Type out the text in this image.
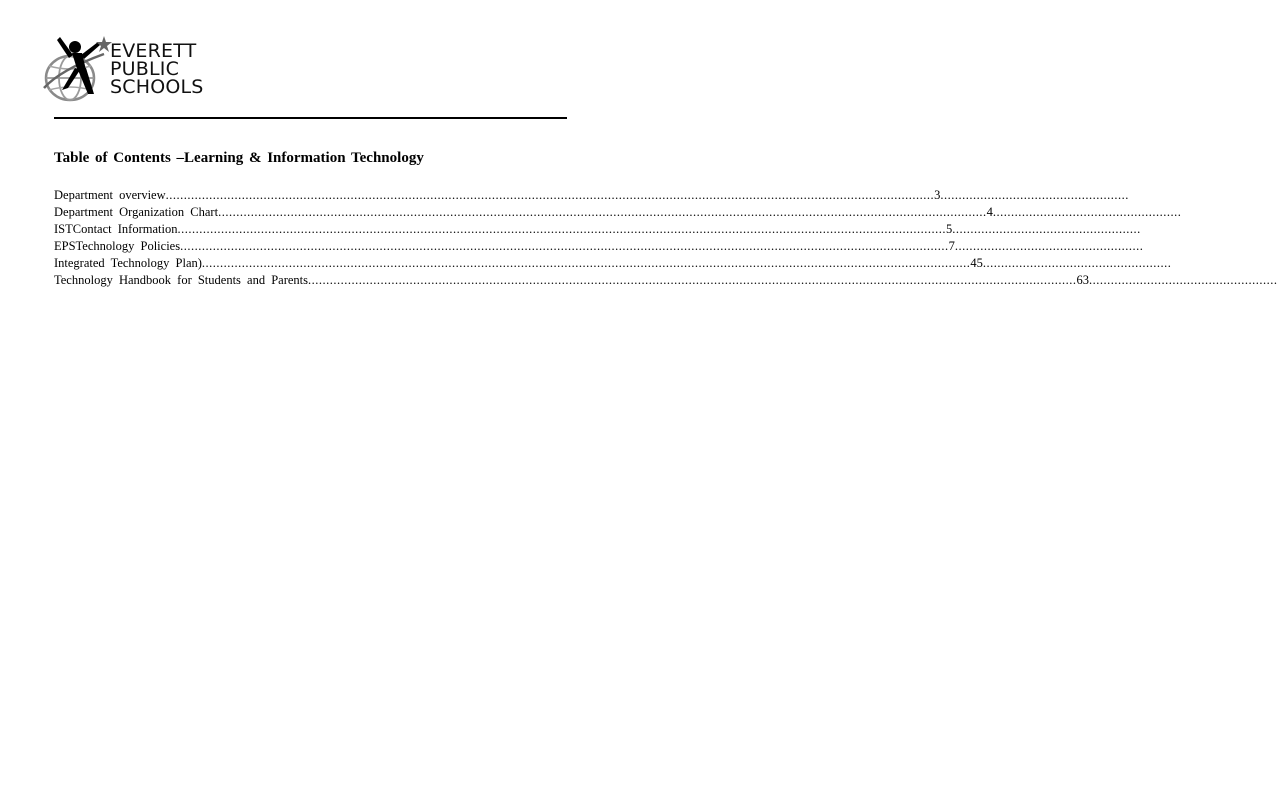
EVERETT
PUBLIC
SCHOOLS
Table of Contents –Learning & Information Technology
Department overview .................................................................................................................................................................................................................... 3 ....................................................
Department Organization Chart .................................................................................................................................................................................................................... 4 ....................................................
ISTContact Information .................................................................................................................................................................................................................... 5 ....................................................
EPSTechnology Policies .................................................................................................................................................................................................................... 7 ....................................................
Integrated Technology Plan) .................................................................................................................................................................................................................... 45 ....................................................
Technology Handbook for Students and Parents .................................................................................................................................................................................................................... 63 ....................................................
